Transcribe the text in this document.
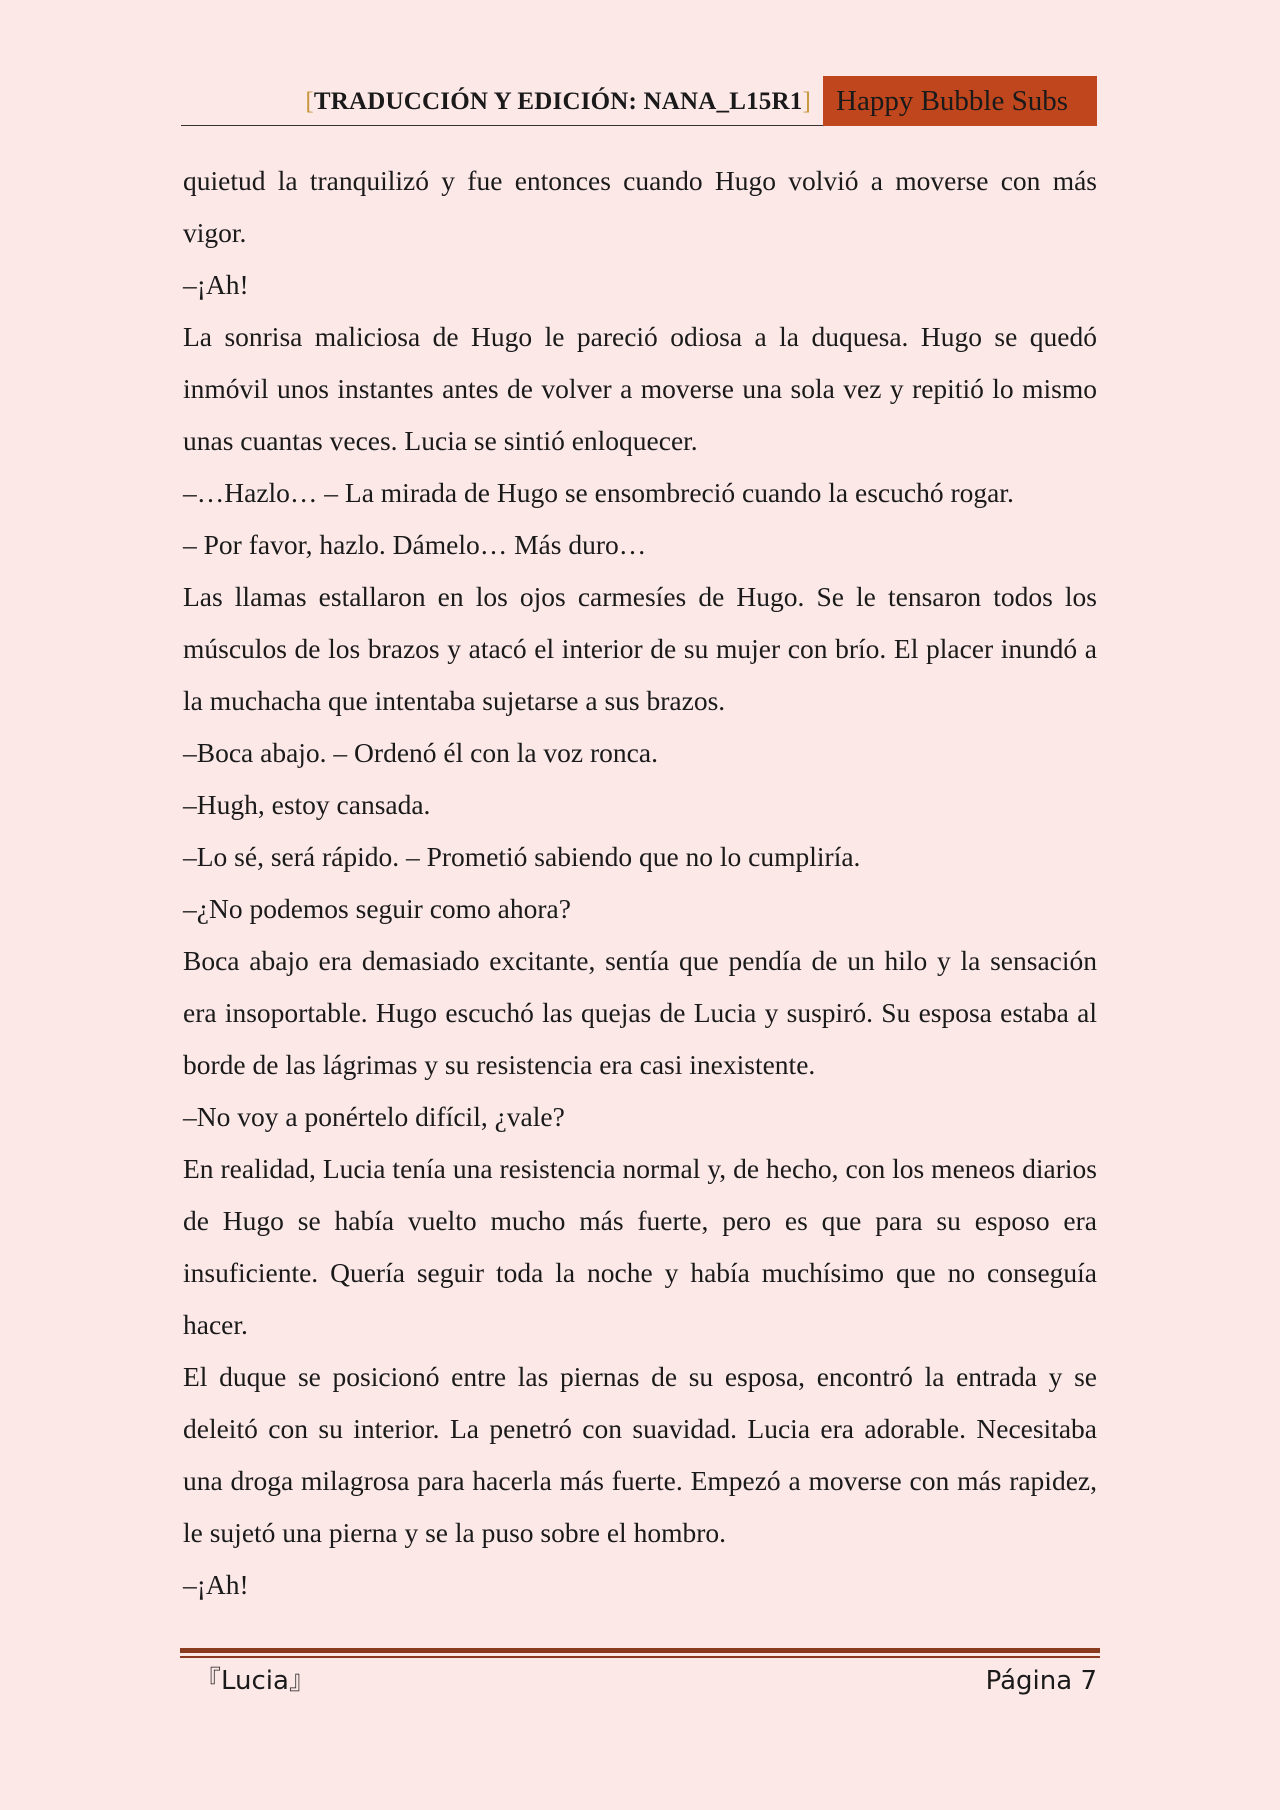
[TRADUCCIÓN Y EDICIÓN: NANA_L15R1] Happy Bubble Subs

quietud la tranquilizó y fue entonces cuando Hugo volvió a moverse con más vigor.

–¡Ah!

La sonrisa maliciosa de Hugo le pareció odiosa a la duquesa. Hugo se quedó inmóvil unos instantes antes de volver a moverse una sola vez y repitió lo mismo unas cuantas veces. Lucia se sintió enloquecer.

–…Hazlo… – La mirada de Hugo se ensombreció cuando la escuchó rogar.

– Por favor, hazlo. Dámelo… Más duro…

Las llamas estallaron en los ojos carmesíes de Hugo. Se le tensaron todos los músculos de los brazos y atacó el interior de su mujer con brío. El placer inundó a la muchacha que intentaba sujetarse a sus brazos.

–Boca abajo. – Ordenó él con la voz ronca.

–Hugh, estoy cansada.

–Lo sé, será rápido. – Prometió sabiendo que no lo cumpliría.

–¿No podemos seguir como ahora?

Boca abajo era demasiado excitante, sentía que pendía de un hilo y la sensación era insoportable. Hugo escuchó las quejas de Lucia y suspiró. Su esposa estaba al borde de las lágrimas y su resistencia era casi inexistente.

–No voy a ponértelo difícil, ¿vale?

En realidad, Lucia tenía una resistencia normal y, de hecho, con los meneos diarios de Hugo se había vuelto mucho más fuerte, pero es que para su esposo era insuficiente. Quería seguir toda la noche y había muchísimo que no conseguía hacer.

El duque se posicionó entre las piernas de su esposa, encontró la entrada y se deleitó con su interior. La penetró con suavidad. Lucia era adorable. Necesitaba una droga milagrosa para hacerla más fuerte. Empezó a moverse con más rapidez, le sujetó una pierna y se la puso sobre el hombro.

–¡Ah!

『Lucia』	Página 7
